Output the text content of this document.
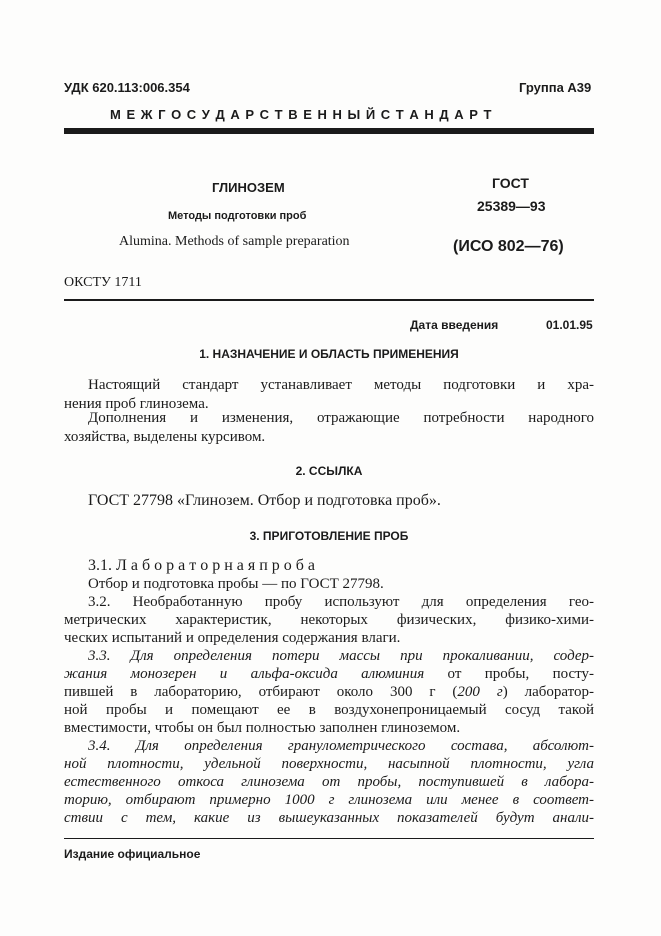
УДК 620.113:006.354	Группа А39
М Е Ж Г О С У Д А Р С Т В Е Н Н Ы Й С Т А Н Д А Р Т
ГЛИНОЗЕМ
Методы подготовки проб
Alumina. Methods of sample preparation
ГОСТ
25389—93
(ИСО 802—76)
ОКСТУ 1711
Дата введения	01.01.95
1. НАЗНАЧЕНИЕ И ОБЛАСТЬ ПРИМЕНЕНИЯ
Настоящий стандарт устанавливает методы подготовки и хра-
нения проб глинозема.
Дополнения и изменения, отражающие потребности народного
хозяйства, выделены курсивом.
2. ССЫЛКА
ГОСТ 27798 «Глинозем. Отбор и подготовка проб».
3. ПРИГОТОВЛЕНИЕ ПРОБ
3.1. Л а б о р а т о р н а я п р о б а
Отбор и подготовка пробы — по ГОСТ 27798.
3.2. Необработанную пробу используют для определения гео-
метрических характеристик, некоторых физических, физико-хими-
ческих испытаний и определения содержания влаги.
3.3. Для определения потери массы при прокаливании, содер-
жания монозерен и альфа-оксида алюминия от пробы, посту-
пившей в лабораторию, отбирают около 300 г (200 г) лаборатор-
ной пробы и помещают ее в воздухонепроницаемый сосуд такой
вместимости, чтобы он был полностью заполнен глиноземом.
3.4. Для определения гранулометрического состава, абсолют-
ной плотности, удельной поверхности, насыпной плотности, угла
естественного откоса глинозема от пробы, поступившей в лабора-
торию, отбирают примерно 1000 г глинозема или менее в соответ-
ствии с тем, какие из вышеуказанных показателей будут анали-
Издание официальное
